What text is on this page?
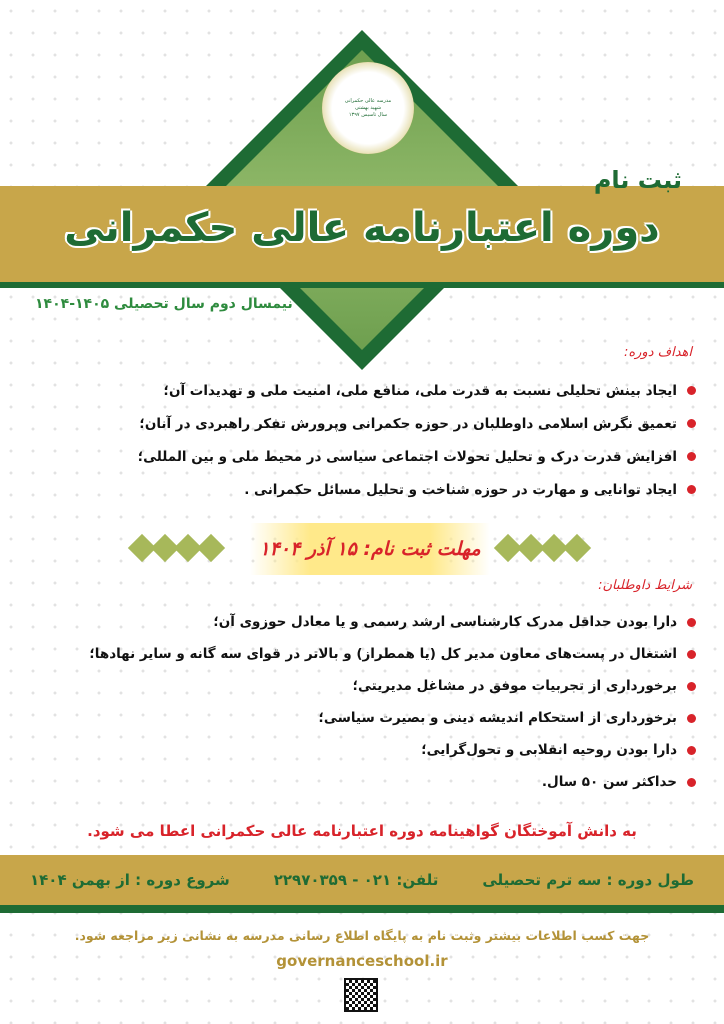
مدرسه عالی حکمرانی
شهید بهشتی
سال تاسیس ۱۳۹۷
ثبت نام
دوره اعتبارنامه عالی حکمرانی
نیمسال دوم سال تحصیلی ۱۴۰۵-۱۴۰۴
اهداف دوره:
ایجاد بینش تحلیلی نسبت به قدرت ملی، منافع ملی، امنیت ملی و تهدیدات آن؛
تعمیق نگرش اسلامی داوطلبان در حوزه حکمرانی وپرورش تفکر راهبردی در آنان؛
افزایش قدرت درک و تحلیل تحولات اجتماعی سیاسی در محیط ملی و بین المللی؛
ایجاد توانایی و مهارت در حوزه شناخت و تحلیل مسائل حکمرانی .
مهلت ثبت نام: ۱۵ آذر ۱۴۰۴
شرایط داوطلبان:
دارا بودن حداقل مدرک کارشناسی ارشد رسمی و یا معادل حوزوی آن؛
اشتغال در پست‌های معاون مدیر کل (یا همطراز) و بالاتر در قوای سه گانه و سایر نهادها؛
برخورداری از تجربیات موفق در مشاغل مدیریتی؛
برخورداری از استحکام اندیشه دینی و بصیرت سیاسی؛
دارا بودن روحیه انقلابی و تحول‌گرایی؛
حداکثر سن ۵۰ سال.
به دانش آموختگان گواهینامه دوره اعتبارنامه عالی حکمرانی اعطا می شود.
طول دوره : سه ترم تحصیلی
تلفن: ۰۲۱ - ۲۲۹۷۰۳۵۹
شروع دوره : از بهمن ۱۴۰۴
جهت کسب اطلاعات بیشتر وثبت نام به پایگاه اطلاع رسانی مدرسه به نشانی زیر مراجعه شود.
governanceschool.ir
